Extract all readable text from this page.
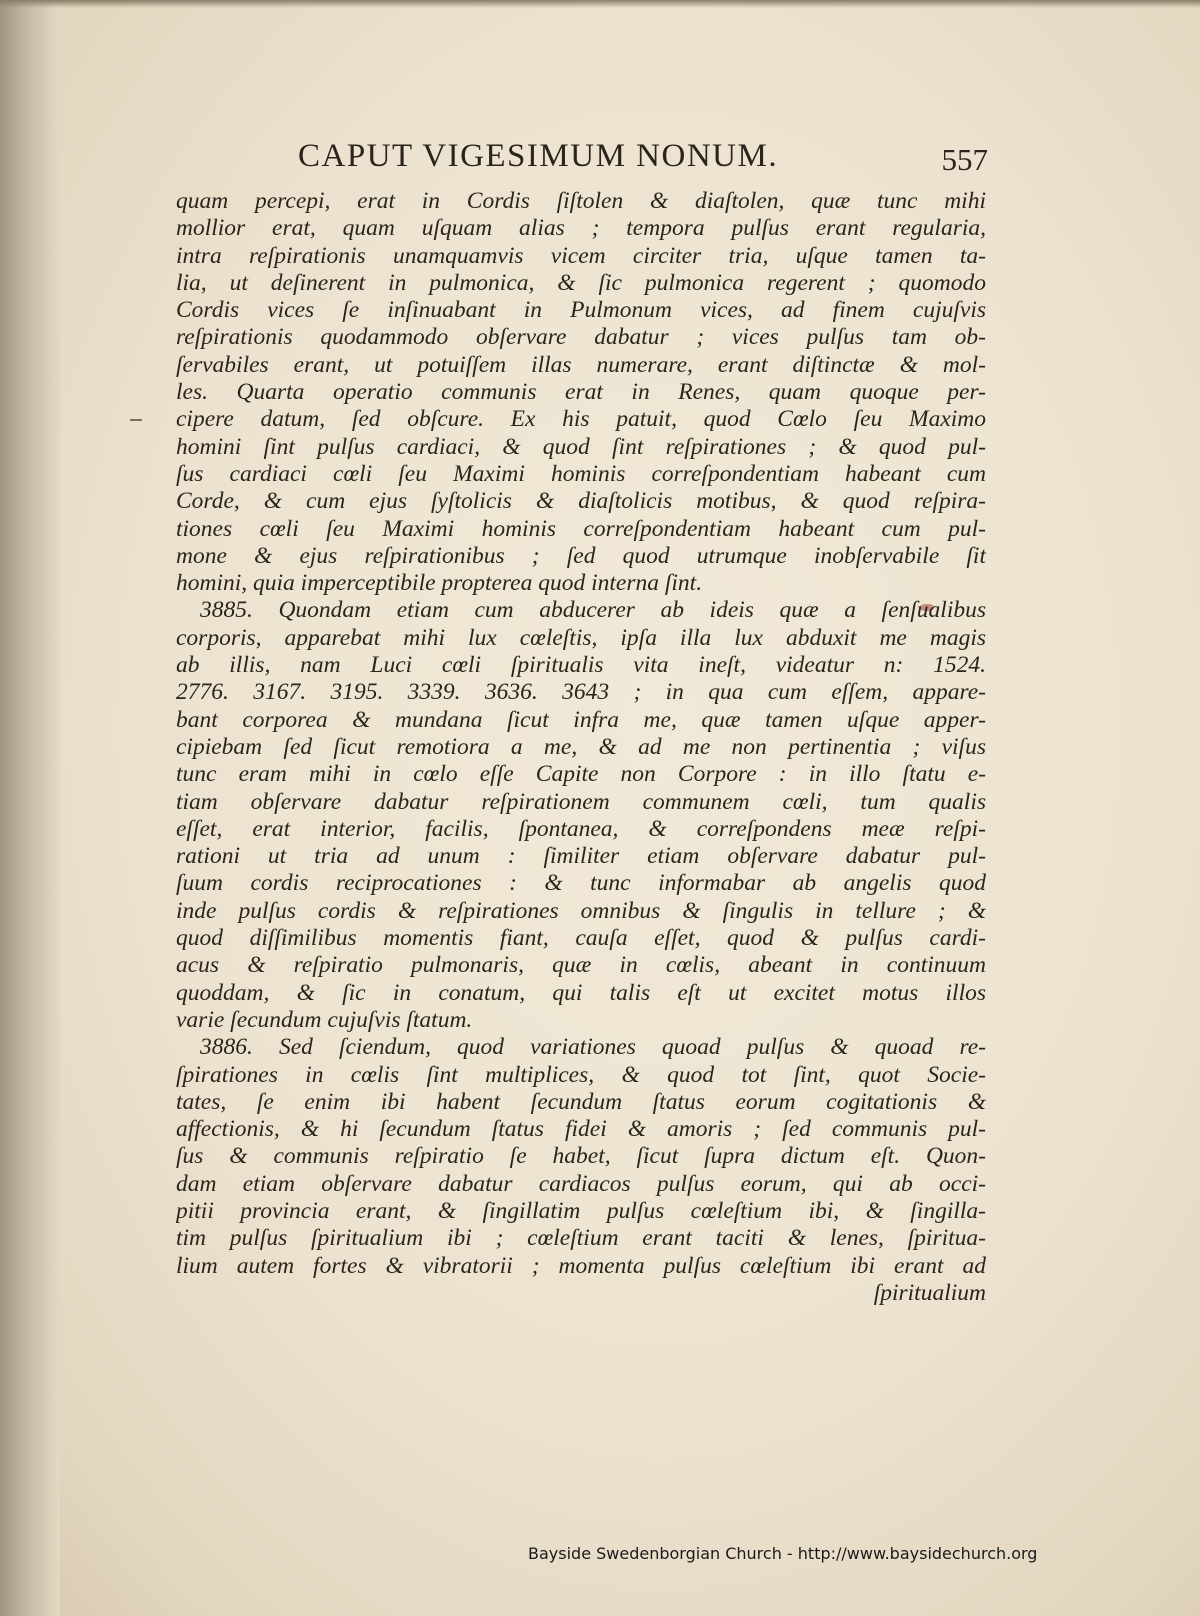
CAPUT VIGESIMUM NONUM.	557
quam percepi, erat in Cordis ſiſtolen & diaſtolen, quæ tunc mihi
mollior erat, quam uſquam alias ; tempora pulſus erant regularia,
intra reſpirationis unamquamvis vicem circiter tria, uſque tamen ta-
lia, ut deſinerent in pulmonica, & ſic pulmonica regerent ; quomodo
Cordis vices ſe inſinuabant in Pulmonum vices, ad finem cujuſvis
reſpirationis quodammodo obſervare dabatur ; vices pulſus tam ob-
ſervabiles erant, ut potuiſſem illas numerare, erant diſtinctæ & mol-
les. Quarta operatio communis erat in Renes, quam quoque per-
cipere datum, ſed obſcure. Ex his patuit, quod Cœlo ſeu Maximo
homini ſint pulſus cardiaci, & quod ſint reſpirationes ; & quod pul-
ſus cardiaci cœli ſeu Maximi hominis correſpondentiam habeant cum
Corde, & cum ejus ſyſtolicis & diaſtolicis motibus, & quod reſpira-
tiones cœli ſeu Maximi hominis correſpondentiam habeant cum pul-
mone & ejus reſpirationibus ; ſed quod utrumque inobſervabile ſit
homini, quia imperceptibile propterea quod interna ſint.
3885. Quondam etiam cum abducerer ab ideis quæ a ſenſualibus
corporis, apparebat mihi lux cœleſtis, ipſa illa lux abduxit me magis
ab illis, nam Luci cœli ſpiritualis vita ineſt, videatur n: 1524.
2776. 3167. 3195. 3339. 3636. 3643 ; in qua cum eſſem, appare-
bant corporea & mundana ſicut infra me, quæ tamen uſque apper-
cipiebam ſed ſicut remotiora a me, & ad me non pertinentia ; viſus
tunc eram mihi in cœlo eſſe Capite non Corpore : in illo ſtatu e-
tiam obſervare dabatur reſpirationem communem cœli, tum qualis
eſſet, erat interior, facilis, ſpontanea, & correſpondens meæ reſpi-
rationi ut tria ad unum : ſimiliter etiam obſervare dabatur pul-
ſuum cordis reciprocationes : & tunc informabar ab angelis quod
inde pulſus cordis & reſpirationes omnibus & ſingulis in tellure ; &
quod diſſimilibus momentis fiant, cauſa eſſet, quod & pulſus cardi-
acus & reſpiratio pulmonaris, quæ in cœlis, abeant in continuum
quoddam, & ſic in conatum, qui talis eſt ut excitet motus illos
varie ſecundum cujuſvis ſtatum.
3886. Sed ſciendum, quod variationes quoad pulſus & quoad re-
ſpirationes in cœlis ſint multiplices, & quod tot ſint, quot Socie-
tates, ſe enim ibi habent ſecundum ſtatus eorum cogitationis &
affectionis, & hi ſecundum ſtatus fidei & amoris ; ſed communis pul-
ſus & communis reſpiratio ſe habet, ſicut ſupra dictum eſt. Quon-
dam etiam obſervare dabatur cardiacos pulſus eorum, qui ab occi-
pitii provincia erant, & ſingillatim pulſus cœleſtium ibi, & ſingilla-
tim pulſus ſpiritualium ibi ; cœleſtium erant taciti & lenes, ſpiritua-
lium autem fortes & vibratorii ; momenta pulſus cœleſtium ibi erant ad
ſpiritualium
Bayside Swedenborgian Church - http://www.baysidechurch.org
